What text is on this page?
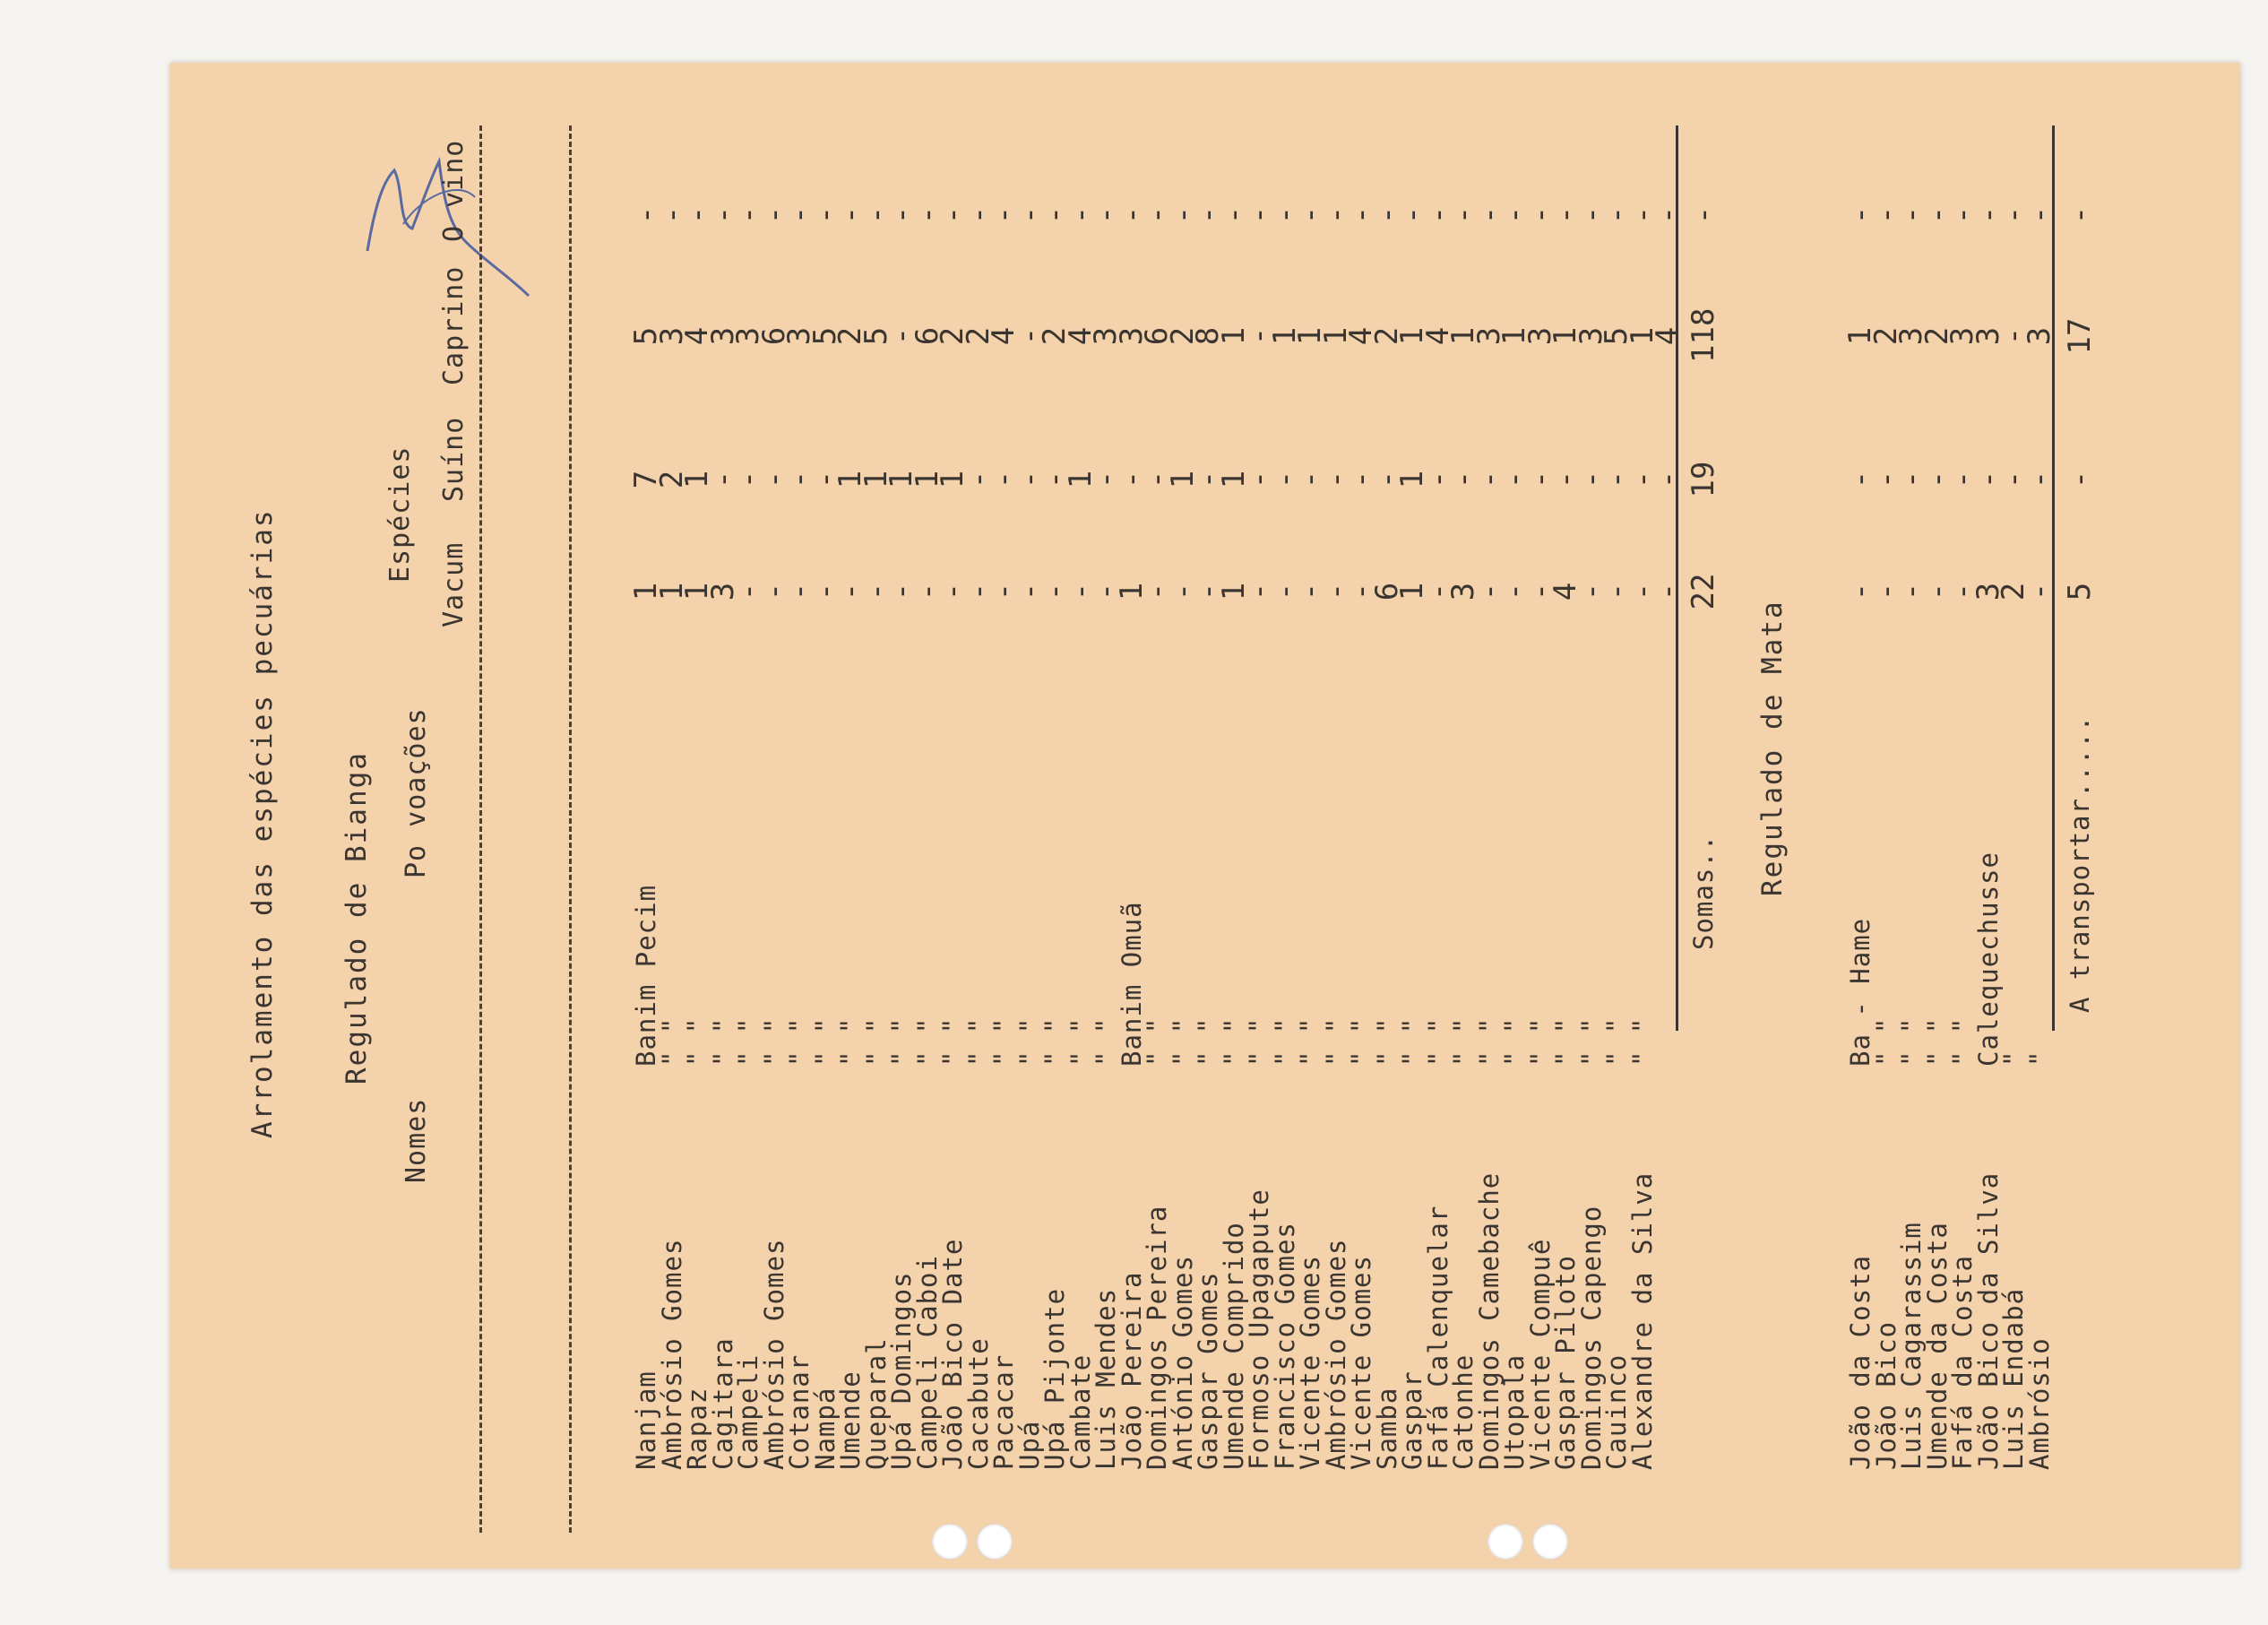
Arrolamento das espécies pecuárias Regulado de Bianga
Espécies
Nomes
Po voações
Vacum
Suíno
Caprino
O vino
Nanjam
Banim Pecim
1
7
5
-
Ambrósio Gomes
" "
1
2
3
-
Rapaz
" "
1
1
4
-
Cagitara
" "
3
-
3
-
Campeli
" "
-
-
3
-
Ambrósio Gomes
" "
-
-
6
-
Cotanar
" "
-
-
3
-
Nampá
" "
-
-
5
-
Umende
" "
-
1
2
-
Queparal
" "
-
1
5
-
Upá Domingos
" "
-
1
-
-
Campeli Caboi
" "
-
1
6
-
João Bico Date
" "
-
1
2
-
Cacabute
" "
-
-
2
-
Pacacar
" "
-
-
4
-
Upá
" "
-
-
-
-
Upá Pijonte
" "
-
-
2
-
Cambate
" "
-
1
4
-
Luis Mendes
" "
-
-
3
-
João Pereira
Banim Omuã
1
-
3
-
Domingos Pereira
" "
-
-
6
-
António Gomes
" "
-
1
2
-
Gaspar Gomes
" "
-
-
8
-
Umende Comprido
" "
1
1
1
-
Formoso Upagapute
" "
-
-
-
-
Francisco Gomes
" "
-
-
1
-
Vicente Gomes
" "
-
-
1
-
Ambrósio Gomes
" "
-
-
1
-
Vicente Gomes
" "
-
-
4
-
Samba
" "
6
-
2
-
Gaspar
" "
1
1
1
-
Fafá Calenquelar
" "
-
-
4
-
Catonhe
" "
3
-
1
-
Domingos Camebache
" "
-
-
3
-
Utopala
" "
-
-
1
-
Vicente Compuê
" "
-
-
3
-
Gaspar Piloto
" "
4
-
1
-
Domingos Capengo
" "
-
-
3
-
Cauinco
" "
-
-
5
-
Alexandre da Silva
" "
-
-
1
-
-
-
4
-
Somas..
22
19
118
-
Regulado de Mata
João da Costa
Ba - Hame
-
-
1
-
João Bico
" "
-
-
2
-
Luis Cagarassim
" "
-
-
3
-
Umende da Costa
" "
-
-
2
-
Fafá da Costa
" "
-
-
3
-
João Bico da Silva
Calequechusse
3
-
3
-
Luis Endabá
"
2
-
-
-
Ambrósio
"
-
-
3
-
A transportar.....
5
-
17
-
